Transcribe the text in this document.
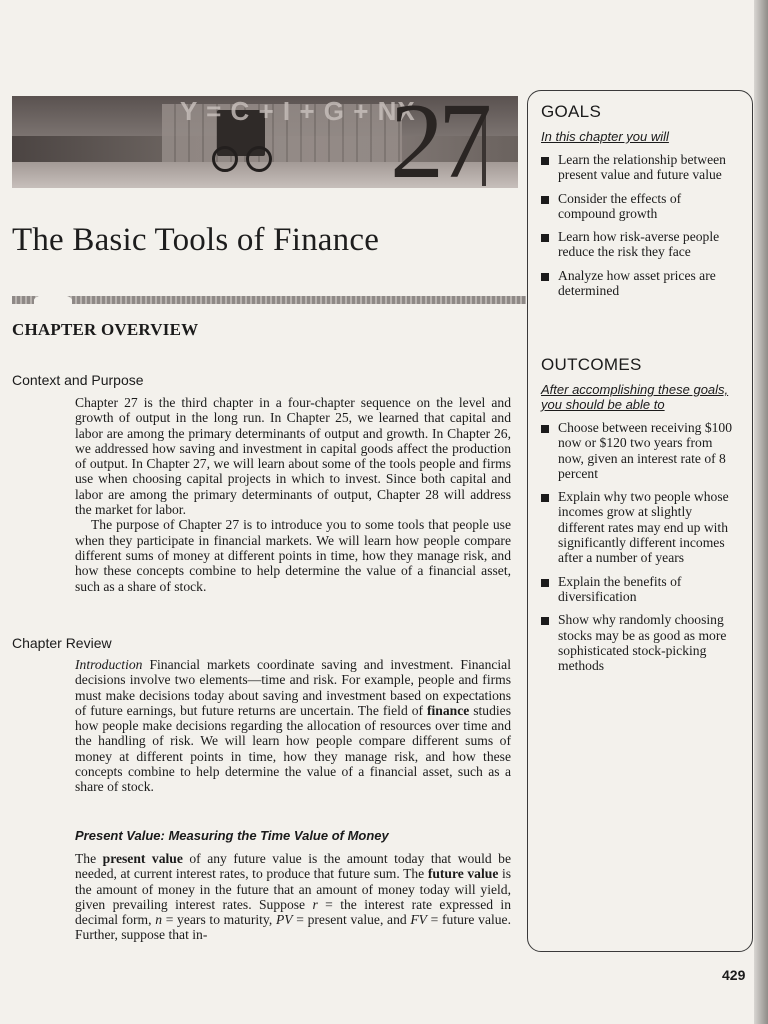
Y = C + I + G + NX
27
The Basic Tools of Finance
CHAPTER OVERVIEW
Context and Purpose

Chapter 27 is the third chapter in a four-chapter sequence on the level and growth of output in the long run. In Chapter 25, we learned that capital and labor are among the primary determinants of output and growth. In Chapter 26, we addressed how saving and investment in capital goods affect the production of output. In Chapter 27, we will learn about some of the tools people and firms use when choosing capital projects in which to invest. Since both capital and labor are among the primary determinants of output, Chapter 28 will address the market for labor.

The purpose of Chapter 27 is to introduce you to some tools that people use when they participate in financial markets. We will learn how people compare different sums of money at different points in time, how they manage risk, and how these concepts combine to help determine the value of a financial asset, such as a share of stock.

Chapter Review

Introduction Financial markets coordinate saving and investment. Financial decisions involve two elements—time and risk. For example, people and firms must make decisions today about saving and investment based on expectations of future earnings, but future returns are uncertain. The field of finance studies how people make decisions regarding the allocation of resources over time and the handling of risk. We will learn how people compare different sums of money at different points in time, how they manage risk, and how these concepts combine to help determine the value of a financial asset, such as a share of stock.

Present Value: Measuring the Time Value of Money

The present value of any future value is the amount today that would be needed, at current interest rates, to produce that future sum. The future value is the amount of money in the future that an amount of money today will yield, given prevailing interest rates. Suppose r = the interest rate expressed in decimal form, n = years to maturity, PV = present value, and FV = future value. Further, suppose that in-

GOALS
In this chapter you will
Learn the relationship between present value and future value
Consider the effects of compound growth
Learn how risk-averse people reduce the risk they face
Analyze how asset prices are determined
OUTCOMES
After accomplishing these goals, you should be able to
Choose between receiving $100 now or $120 two years from now, given an interest rate of 8 percent
Explain why two people whose incomes grow at slightly different rates may end up with significantly different incomes after a number of years
Explain the benefits of diversification
Show why randomly choosing stocks may be as good as more sophisticated stock-picking methods
429
